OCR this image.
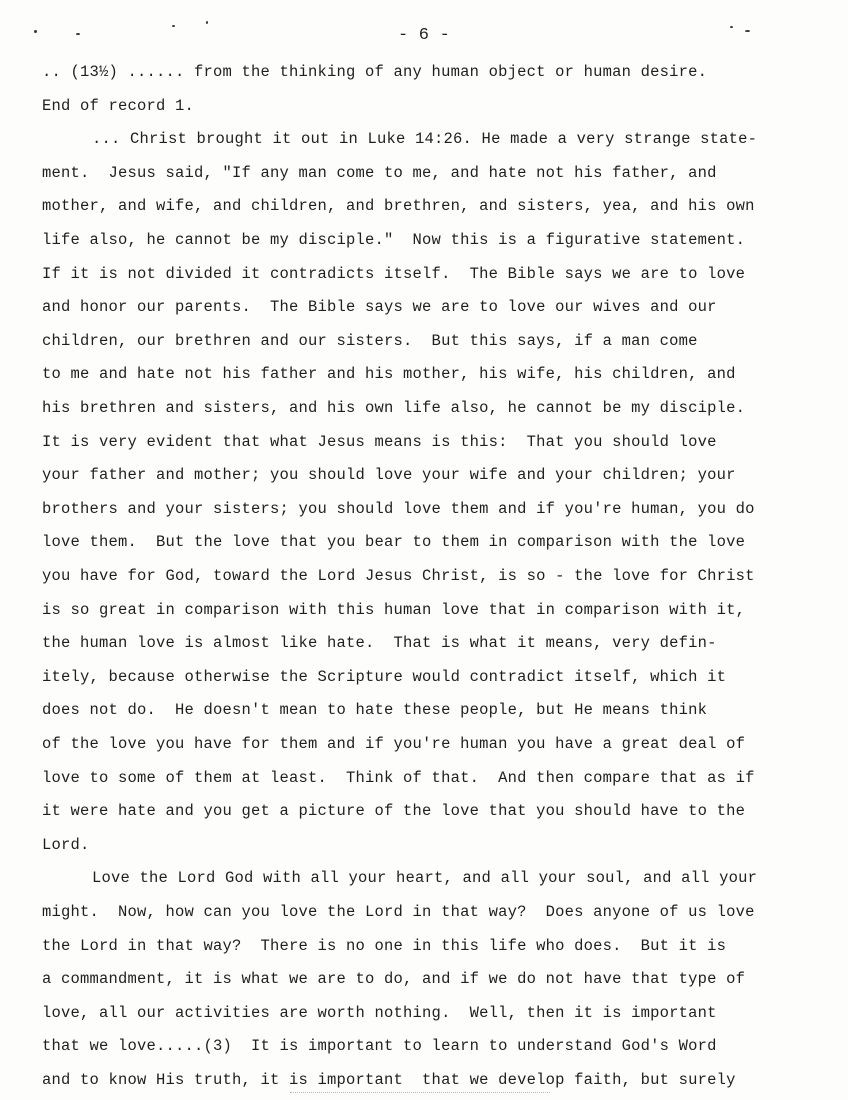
- 6 -
.. (13½) ...... from the thinking of any human object or human desire.
End of record 1.
... Christ brought it out in Luke 14:26. He made a very strange state-
ment.  Jesus said, "If any man come to me, and hate not his father, and
mother, and wife, and children, and brethren, and sisters, yea, and his own
life also, he cannot be my disciple."  Now this is a figurative statement.
If it is not divided it contradicts itself.  The Bible says we are to love
and honor our parents.  The Bible says we are to love our wives and our
children, our brethren and our sisters.  But this says, if a man come
to me and hate not his father and his mother, his wife, his children, and
his brethren and sisters, and his own life also, he cannot be my disciple.
It is very evident that what Jesus means is this:  That you should love
your father and mother; you should love your wife and your children; your
brothers and your sisters; you should love them and if you're human, you do
love them.  But the love that you bear to them in comparison with the love
you have for God, toward the Lord Jesus Christ, is so - the love for Christ
is so great in comparison with this human love that in comparison with it,
the human love is almost like hate.  That is what it means, very defin-
itely, because otherwise the Scripture would contradict itself, which it
does not do.  He doesn't mean to hate these people, but He means think
of the love you have for them and if you're human you have a great deal of
love to some of them at least.  Think of that.  And then compare that as if
it were hate and you get a picture of the love that you should have to the
Lord.
Love the Lord God with all your heart, and all your soul, and all your
might.  Now, how can you love the Lord in that way?  Does anyone of us love
the Lord in that way?  There is no one in this life who does.  But it is
a commandment, it is what we are to do, and if we do not have that type of
love, all our activities are worth nothing.  Well, then it is important
that we love.....(3)  It is important to learn to understand God's Word
and to know His truth, it is important  that we develop faith, but surely
